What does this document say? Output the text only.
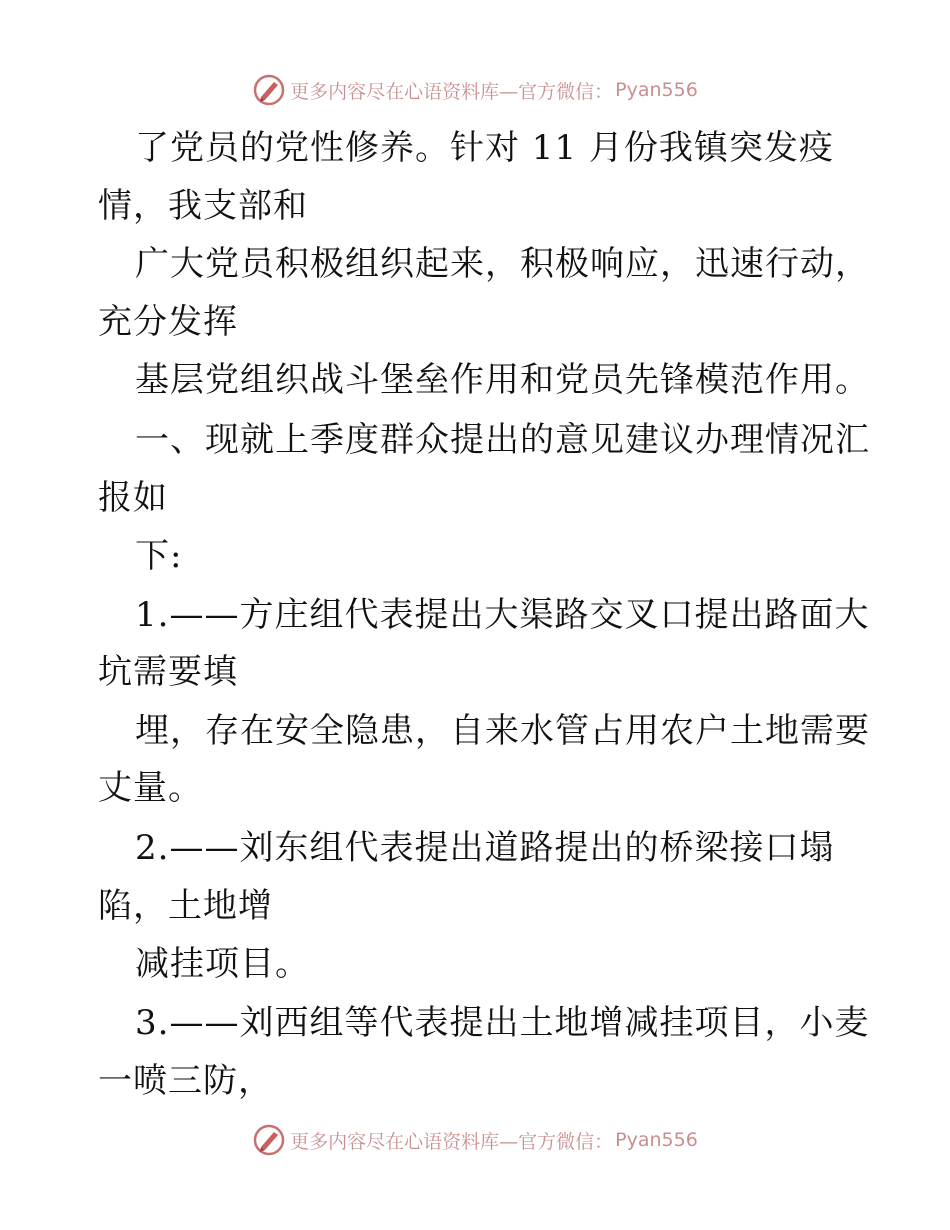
更多内容尽在心语资料库—官方微信： Pyan556
了党员的党性修养。针对 11 月份我镇突发疫
情，我支部和
广大党员积极组织起来，积极响应，迅速行动，
充分发挥
基层党组织战斗堡垒作用和党员先锋模范作用。
一、现就上季度群众提出的意见建议办理情况汇
报如
下:
1.——方庄组代表提出大渠路交叉口提出路面大
坑需要填
埋，存在安全隐患，自来水管占用农户土地需要
丈量。
2.——刘东组代表提出道路提出的桥梁接口塌
陷，土地增
减挂项目。
3.——刘西组等代表提出土地增减挂项目，小麦
一喷三防，
更多内容尽在心语资料库—官方微信： Pyan556
